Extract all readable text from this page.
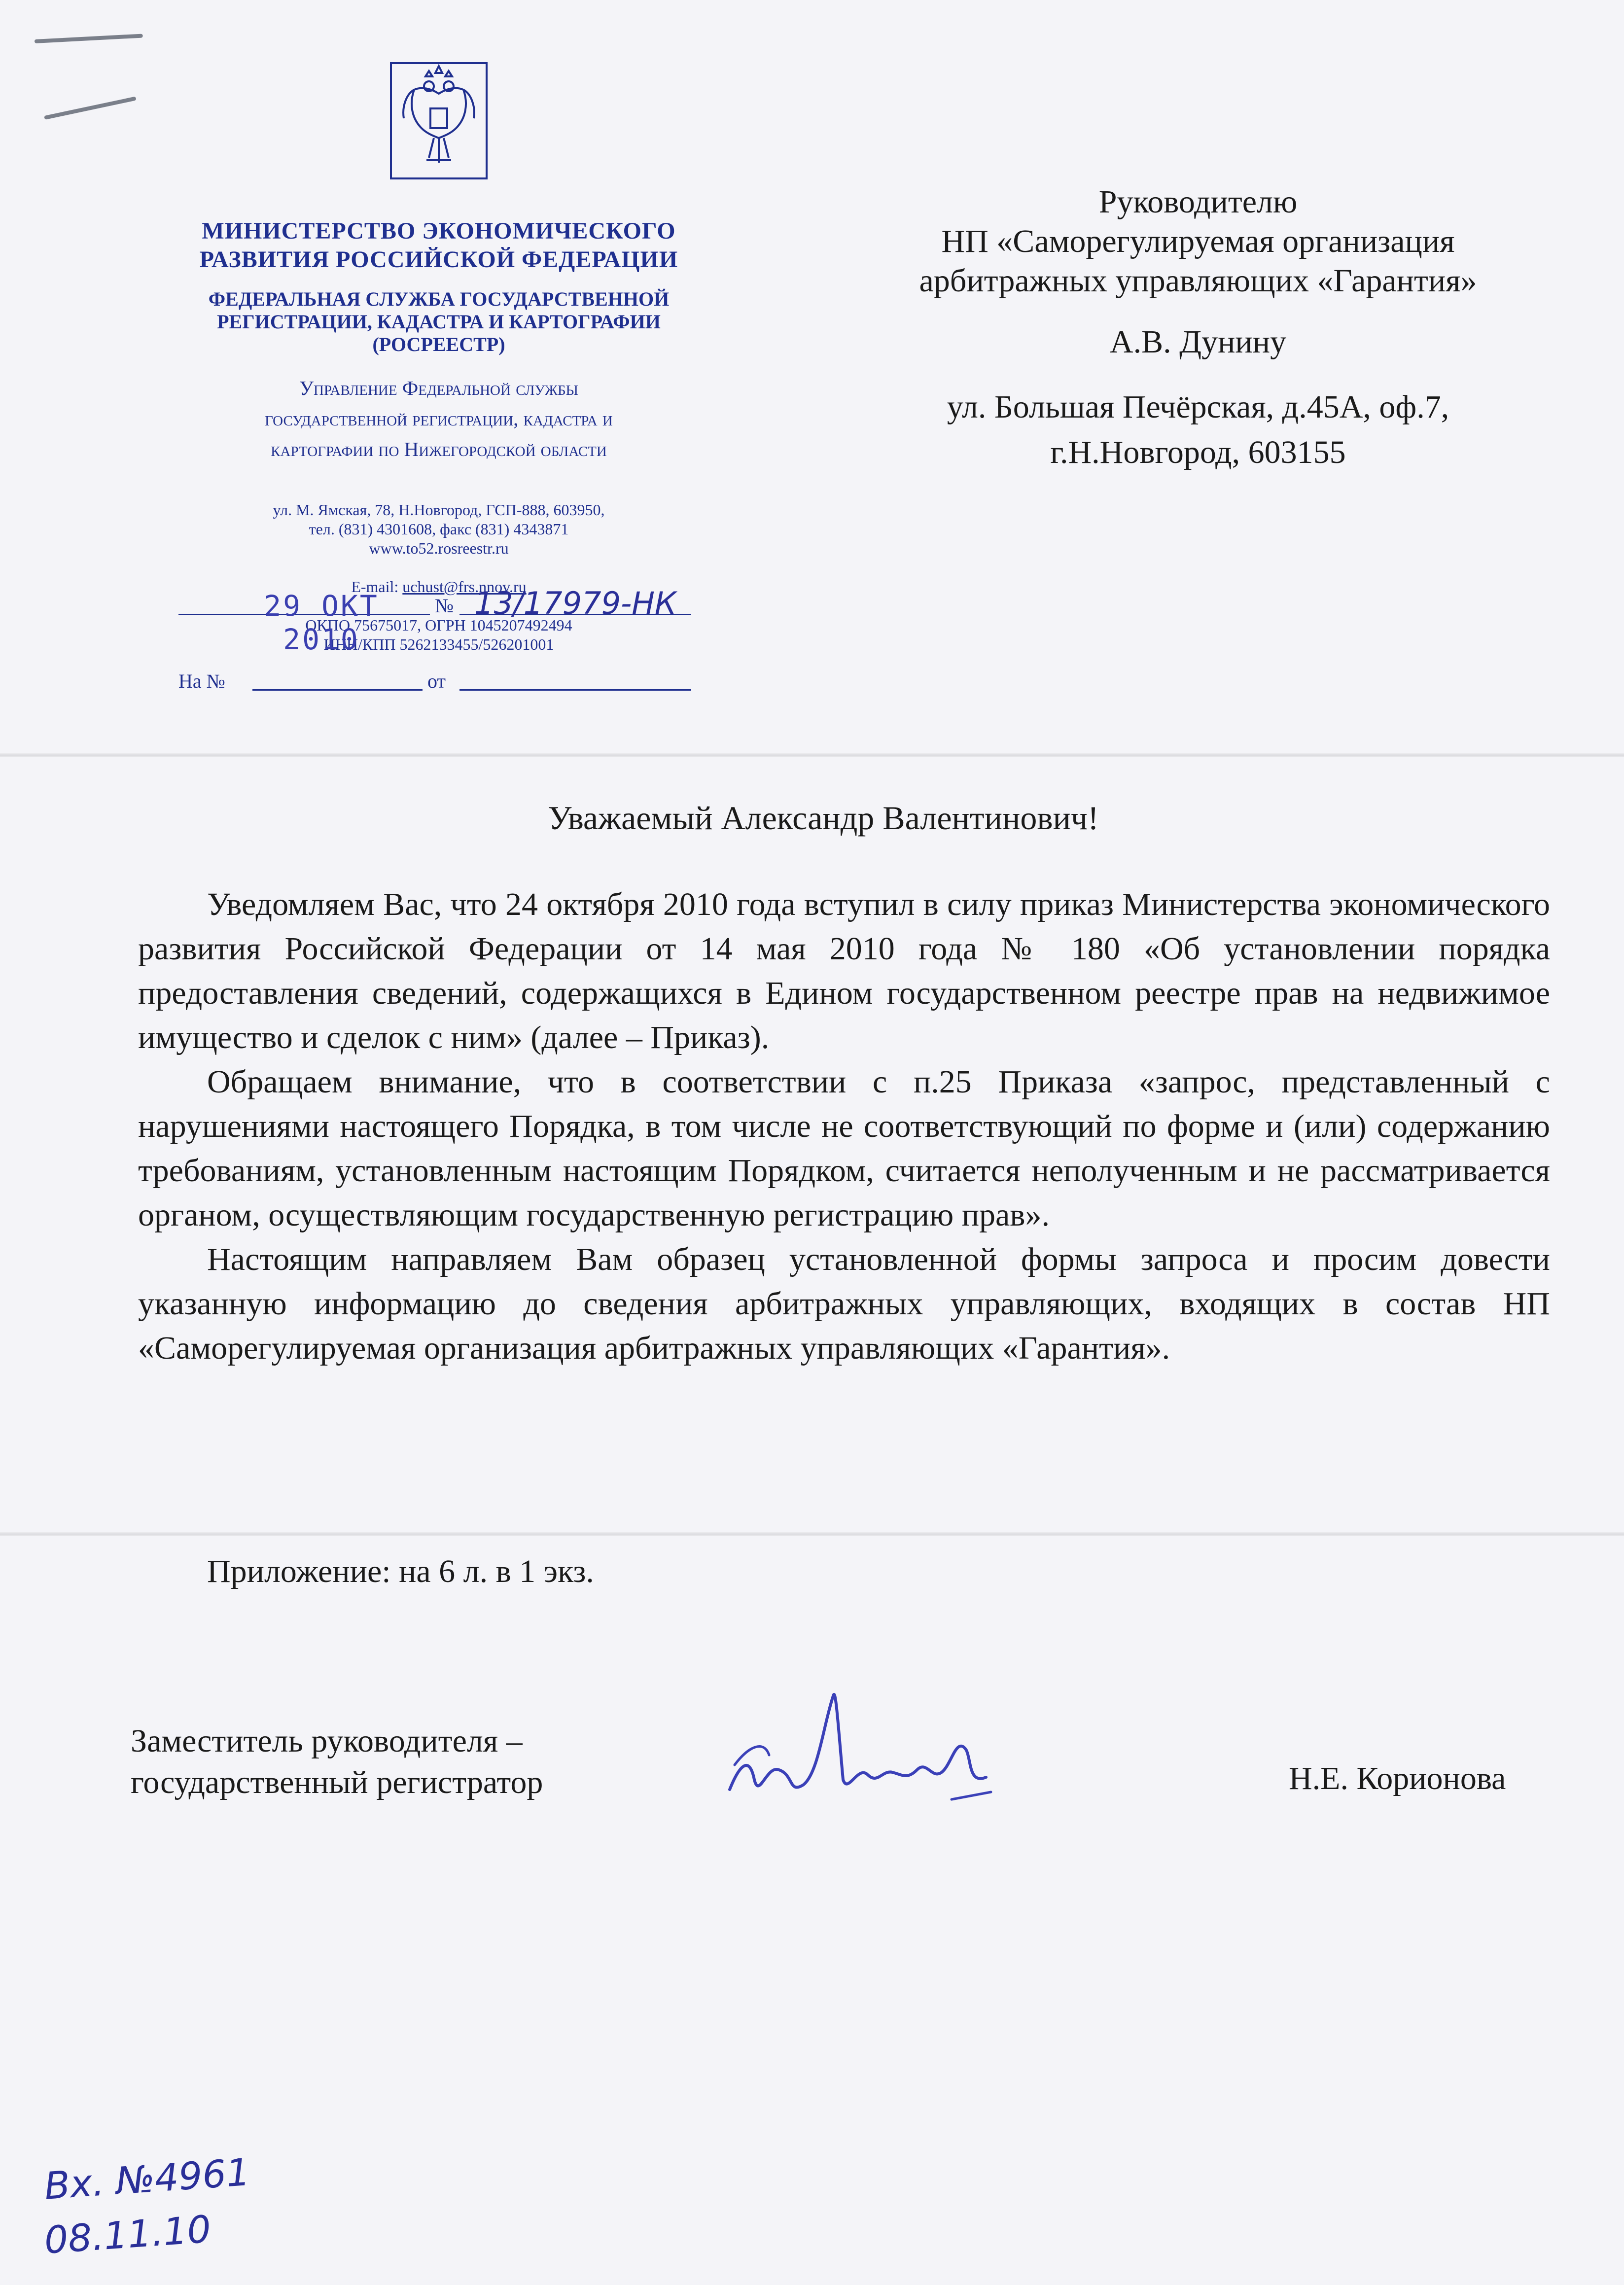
МИНИСТЕРСТВО ЭКОНОМИЧЕСКОГО
РАЗВИТИЯ РОССИЙСКОЙ ФЕДЕРАЦИИ
ФЕДЕРАЛЬНАЯ СЛУЖБА ГОСУДАРСТВЕННОЙ
РЕГИСТРАЦИИ, КАДАСТРА И КАРТОГРАФИИ
(РОСРЕЕСТР)
Управление Федеральной службы
государственной регистрации, кадастра и
картографии по Нижегородской области

ул. М. Ямская, 78, Н.Новгород, ГСП-888, 603950,
тел. (831) 4301608, факс (831) 4343871
www.to52.rosreestr.ru

E-mail: uchust@frs.nnov.ru

ОКПО 75675017, ОГРН 1045207492494
ИНН/КПП 5262133455/526201001

29 ОКТ 2010
№ 13/17979-НК
На №	от
Руководителю
НП «Саморегулируемая организация
арбитражных управляющих «Гарантия»
А.В. Дунину
ул. Большая Печёрская, д.45А, оф.7,
г.Н.Новгород, 603155
Уважаемый Александр Валентинович!

Уведомляем Вас, что 24 октября 2010 года вступил в силу приказ Министерства экономического развития Российской Федерации от 14 мая 2010 года № 180 «Об установлении порядка предоставления сведений, содержащихся в Едином государственном реестре прав на недвижимое имущество и сделок с ним» (далее – Приказ).

Обращаем внимание, что в соответствии с п.25 Приказа «запрос, представленный с нарушениями настоящего Порядка, в том числе не соответствующий по форме и (или) содержанию требованиям, установленным настоящим Порядком, считается неполученным и не рассматривается органом, осуществляющим государственную регистрацию прав».

Настоящим направляем Вам образец установленной формы запроса и просим довести указанную информацию до сведения арбитражных управляющих, входящих в состав НП «Саморегулируемая организация арбитражных управляющих «Гарантия».

Приложение: на 6 л. в 1 экз.
Заместитель руководителя –
государственный регистратор	Н.Е. Корионова
Вх. №4961
08.11.10
